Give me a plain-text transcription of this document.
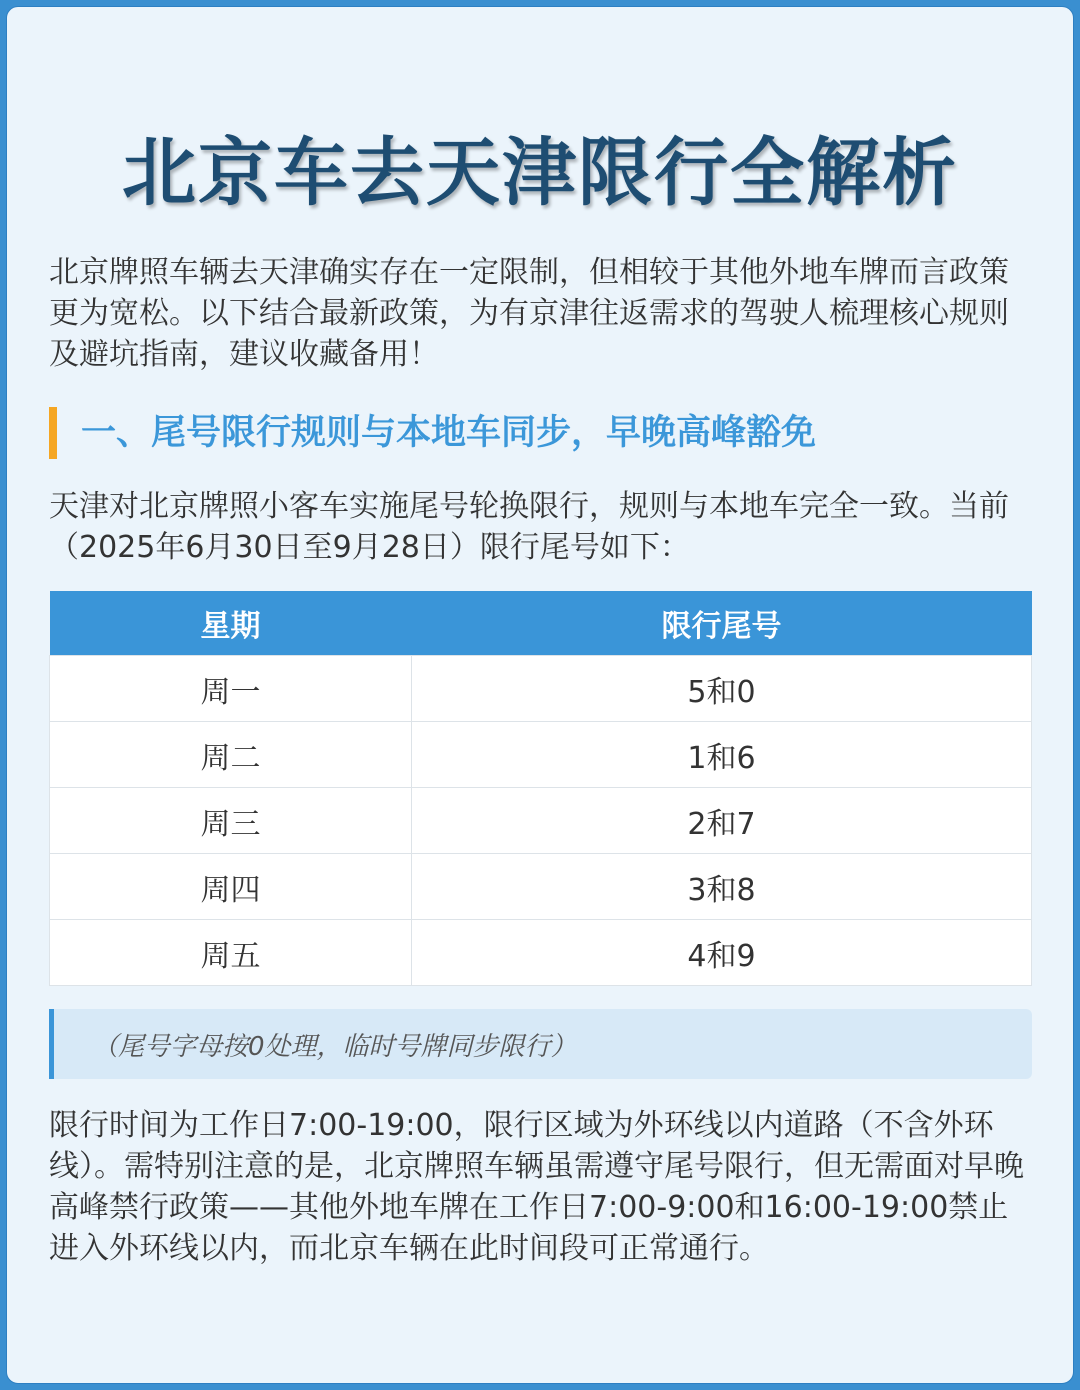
北京车去天津限行全解析

北京牌照车辆去天津确实存在一定限制，但相较于其他外地车牌而言政策更为宽松。以下结合最新政策，为有京津往返需求的驾驶人梳理核心规则及避坑指南，建议收藏备用！

一、尾号限行规则与本地车同步，早晚高峰豁免

天津对北京牌照小客车实施尾号轮换限行，规则与本地车完全一致。当前（2025年6月30日至9月28日）限行尾号如下：

星期	限行尾号
周一	5和0
周二	1和6
周三	2和7
周四	3和8
周五	4和9
（尾号字母按0处理，临时号牌同步限行）

限行时间为工作日7:00-19:00，限行区域为外环线以内道路（不含外环线）。需特别注意的是，北京牌照车辆虽需遵守尾号限行，但无需面对早晚高峰禁行政策——其他外地车牌在工作日7:00-9:00和16:00-19:00禁止进入外环线以内，而北京车辆在此时间段可正常通行。
